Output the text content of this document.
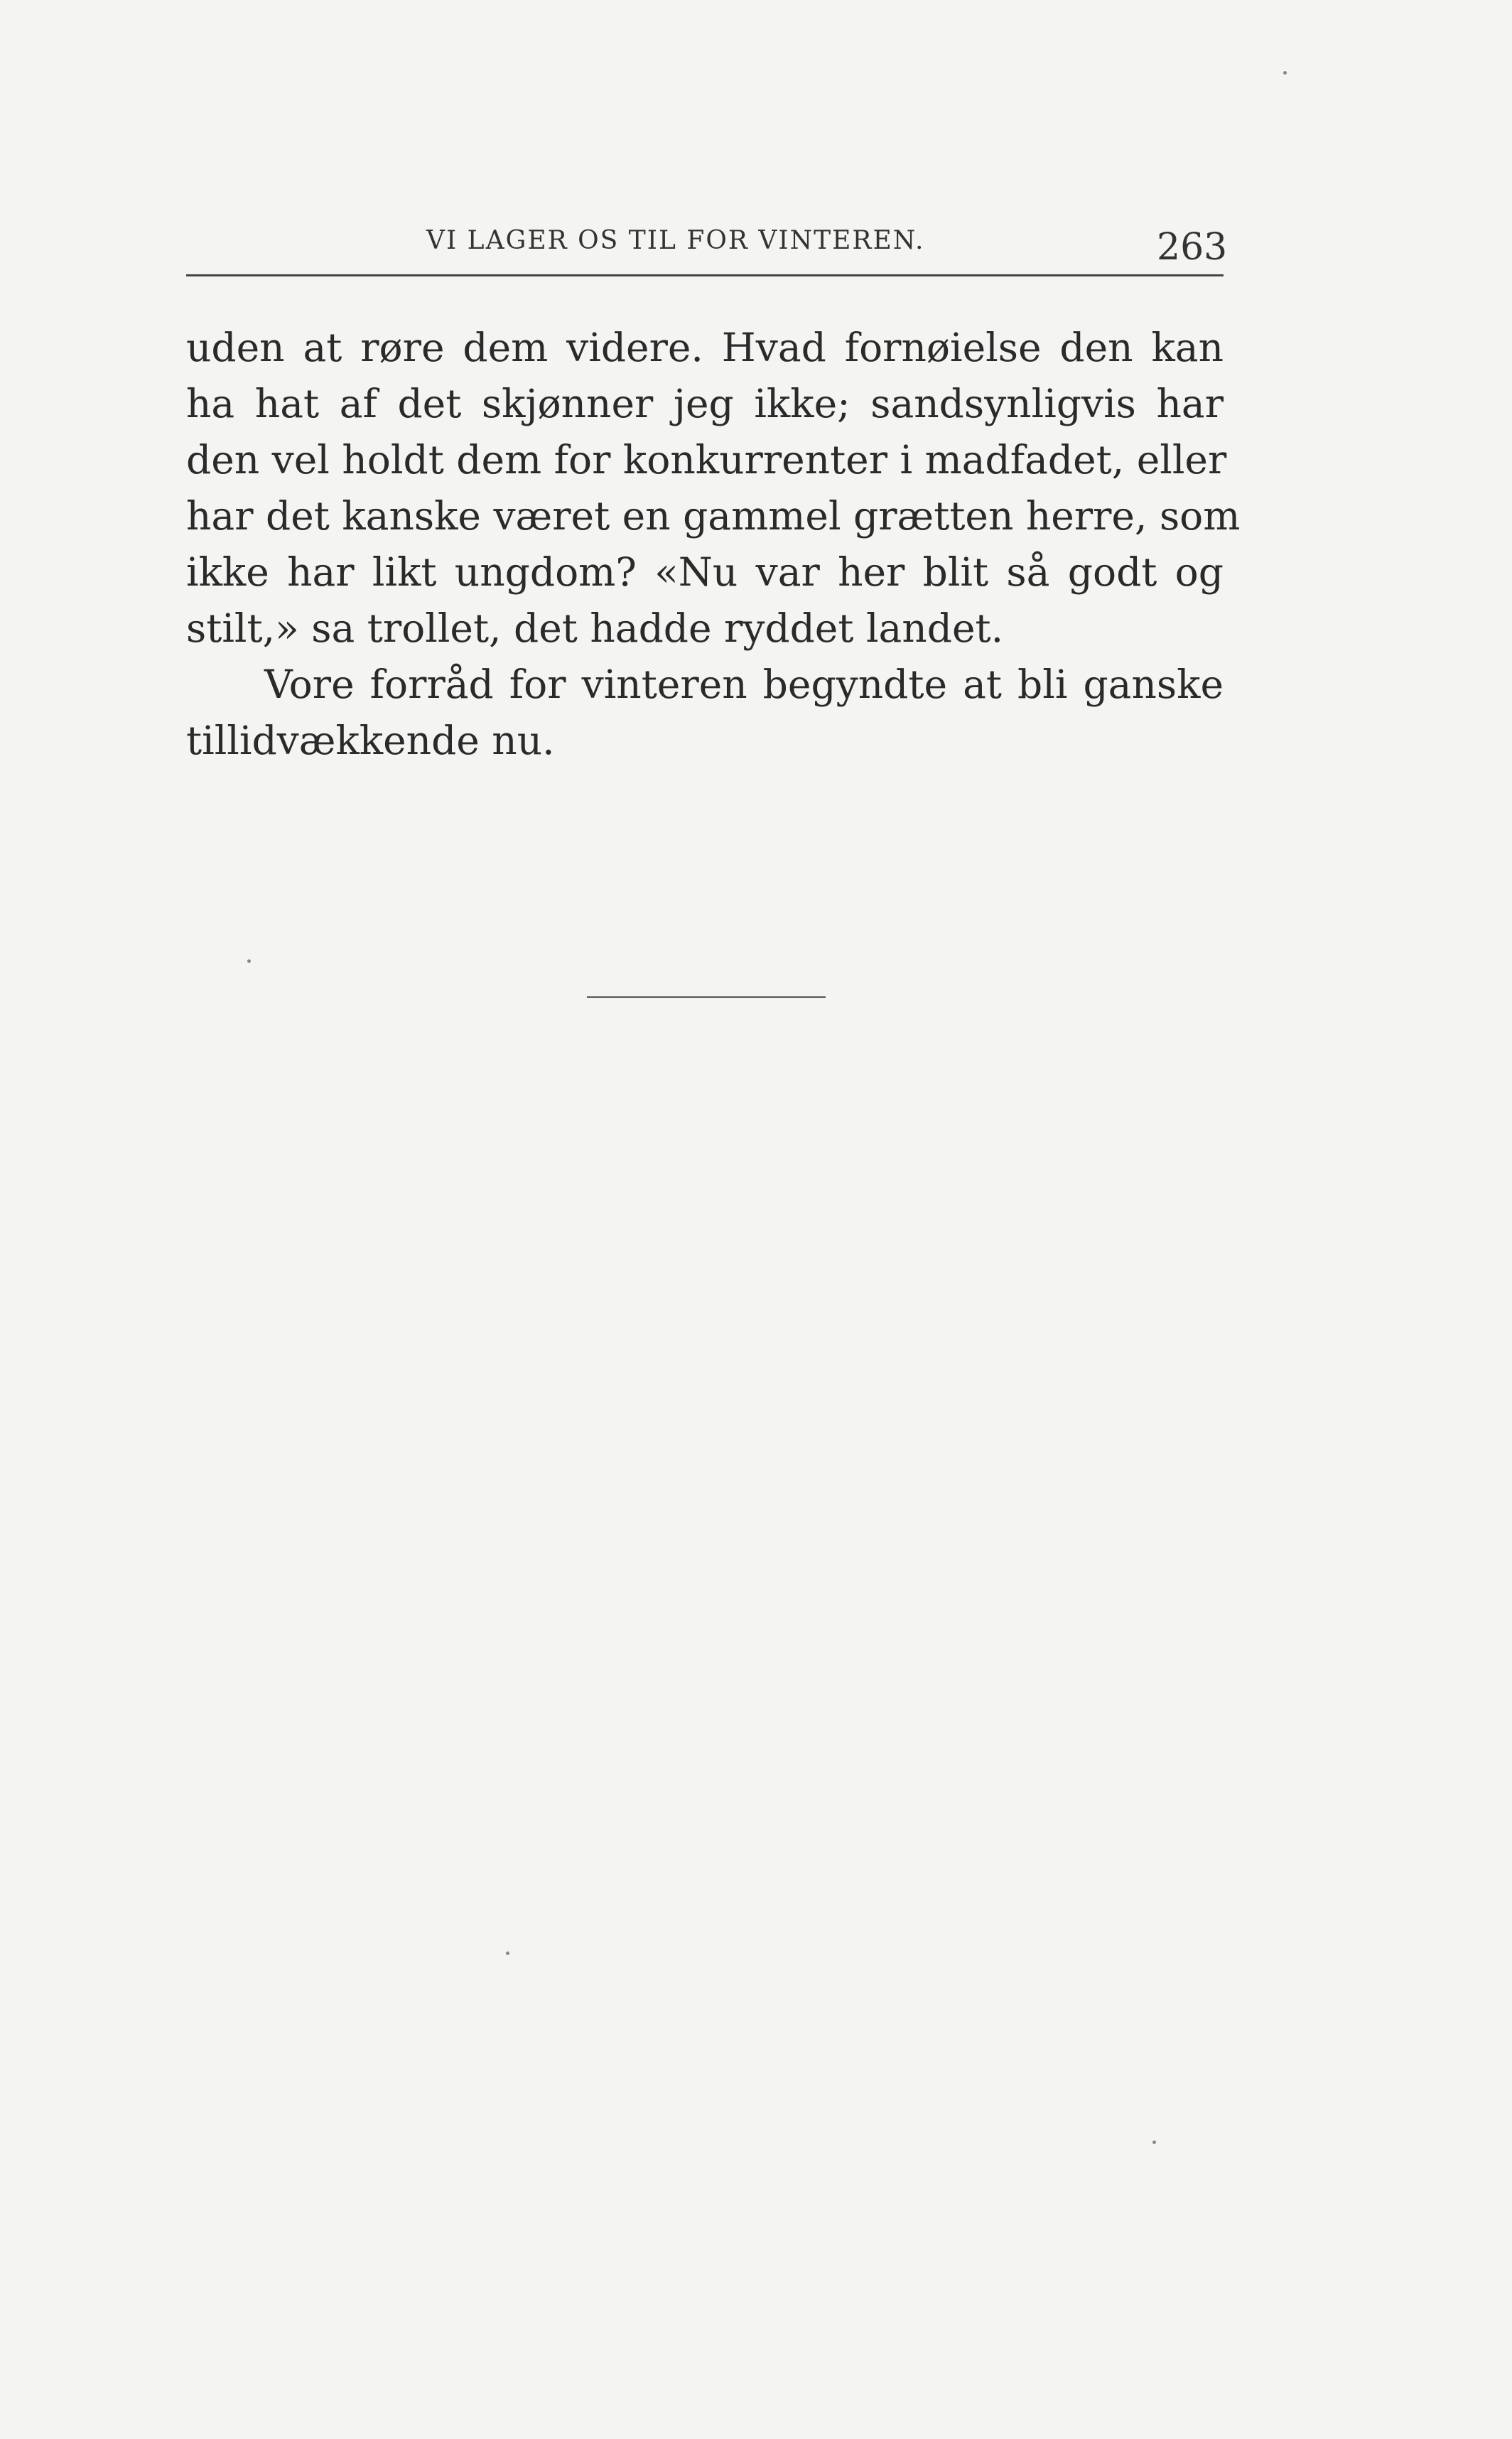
VI LAGER OS TIL FOR VINTEREN.	263
uden at røre dem videre. Hvad fornøielse den kan
ha hat af det skjønner jeg ikke; sandsynligvis har
den vel holdt dem for konkurrenter i madfadet, eller
har det kanske været en gammel grætten herre, som
ikke har likt ungdom? «Nu var her blit så godt og
stilt,» sa trollet, det hadde ryddet landet.
Vore forråd for vinteren begyndte at bli ganske
tillidvækkende nu.
